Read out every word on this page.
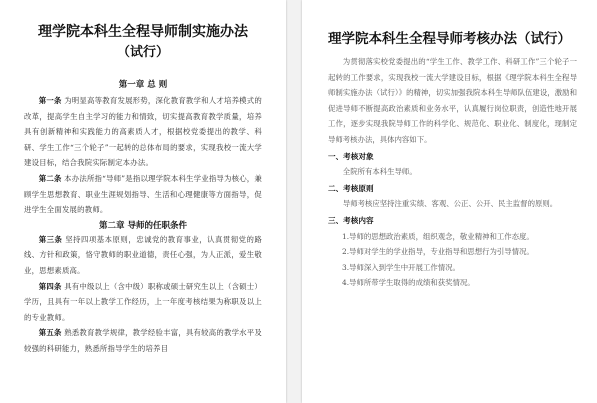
理学院本科生全程导师制实施办法
（试行）
第一章 总 则
第一条 为明显高等教育发展形势，深化教育教学和人才培养模式的改革，提高学生自主学习的能力和情致，切实提高教育教学质量，培养具有创新精神和实践能力的高素质人才，根据校党委提出的教学、科研、学生工作“三个轮子”一起转的总体布局的要求，实现我校一流大学建设目标，结合我院实际制定本办法。
第二条 本办法所指“导师”是指以理学院本科生学业指导为核心，兼顾学生思想教育、职业生涯规划指导、生活和心理健康等方面指导，促进学生全面发展的教师。
第二章 导师的任职条件
第三条 坚持四项基本原则，忠诚党的教育事业，认真贯彻党的路线、方针和政策，恪守教师的职业道德，责任心强，为人正派，爱生敬业，思想素质高。
第四条 具有中级以上（含中级）职称或硕士研究生以上（含硕士）学历，且具有一年以上教学工作经历，上一年度考核结果为称职及以上的专业教师。
第五条 熟悉教育教学规律，教学经验丰富，具有较高的教学水平及较强的科研能力，熟悉所指导学生的培养目
理学院本科生全程导师考核办法（试行）
为贯彻落实校党委提出的“学生工作、教学工作、科研工作”三个轮子一起转的工作要求，实现我校一流大学建设目标，根据《理学院本科生全程导师制实施办法（试行）》的精神，切实加强我院本科生导师队伍建设，激励和促进导师不断提高政治素质和业务水平，认真履行岗位职责，创造性地开展工作，逐步实现我院导师工作的科学化、规范化、职业化、制度化，现制定导师考核办法，具体内容如下。
一、考核对象
全院所有本科生导师。
二、考核原则
导师考核应坚持注重实绩、客观、公正、公开、民主监督的原则。
三、考核内容
1.导师的思想政治素质，组织观念，敬业精神和工作态度。
2.导师对学生的学业指导，专业指导和思想行为引导情况。
3.导师深入到学生中开展工作情况。
4.导师所带学生取得的成绩和获奖情况。
